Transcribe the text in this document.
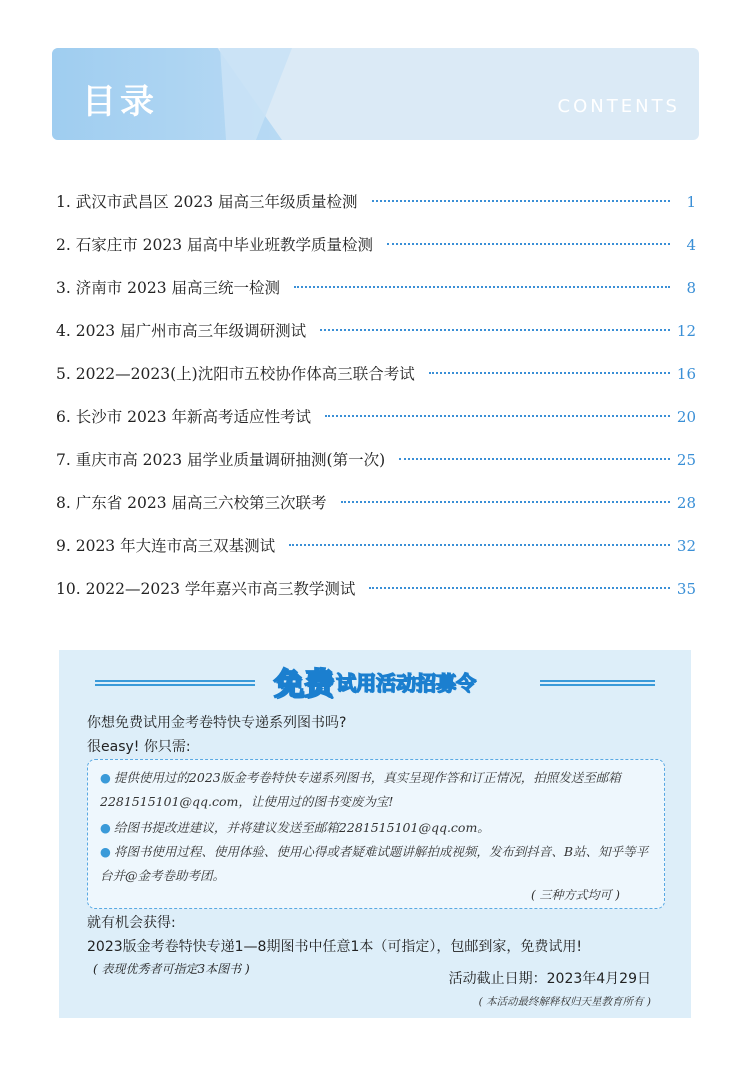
目录	CONTENTS
1. 武汉市武昌区 2023 届高三年级质量检测	1
2. 石家庄市 2023 届高中毕业班教学质量检测	4
3. 济南市 2023 届高三统一检测	8
4. 2023 届广州市高三年级调研测试	12
5. 2022—2023(上)沈阳市五校协作体高三联合考试	16
6. 长沙市 2023 年新高考适应性考试	20
7. 重庆市高 2023 届学业质量调研抽测(第一次)	25
8. 广东省 2023 届高三六校第三次联考	28
9. 2023 年大连市高三双基测试	32
10. 2022—2023 学年嘉兴市高三教学测试	35
免费 试用活动招募令
你想免费试用金考卷特快专递系列图书吗?
很easy! 你只需:
● 提供使用过的2023版金考卷特快专递系列图书，真实呈现作答和订正情况，拍照发送至邮箱2281515101@qq.com，让使用过的图书变废为宝!
● 给图书提改进建议，并将建议发送至邮箱2281515101@qq.com。
● 将图书使用过程、使用体验、使用心得或者疑难试题讲解拍成视频，发布到抖音、B站、知乎等平台并@金考卷助考团。
( 三种方式均可 )
就有机会获得:
2023版金考卷特快专递1—8期图书中任意1本（可指定），包邮到家，免费试用!
( 表现优秀者可指定3本图书 )
活动截止日期：2023年4月29日
( 本活动最终解释权归天星教育所有 )
